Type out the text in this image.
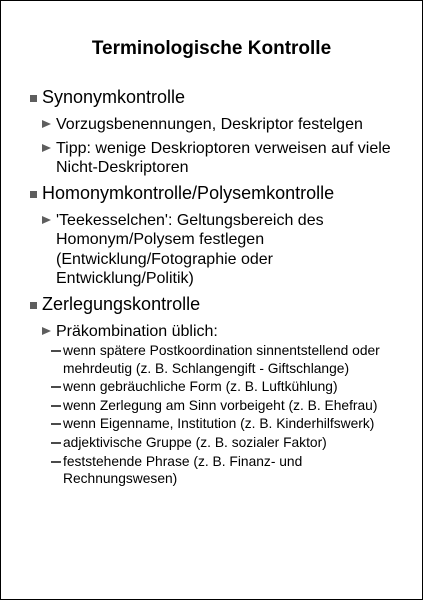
Terminologische Kontrolle
Synonymkontrolle
Vorzugsbenennungen, Deskriptor festelgen
Tipp: wenige Deskrioptoren verweisen auf viele Nicht-Deskriptoren
Homonymkontrolle/Polysemkontrolle
'Teekesselchen': Geltungsbereich des Homonym/Polysem festlegen (Entwicklung/Fotographie oder Entwicklung/Politik)
Zerlegungskontrolle
Präkombination üblich:
wenn spätere Postkoordination sinnentstellend oder mehrdeutig (z. B. Schlangengift - Giftschlange)
wenn gebräuchliche Form (z. B. Luftkühlung)
wenn Zerlegung am Sinn vorbeigeht (z. B. Ehefrau)
wenn Eigenname, Institution (z. B. Kinderhilfswerk)
adjektivische Gruppe (z. B. sozialer Faktor)
feststehende Phrase (z. B. Finanz- und Rechnungswesen)
